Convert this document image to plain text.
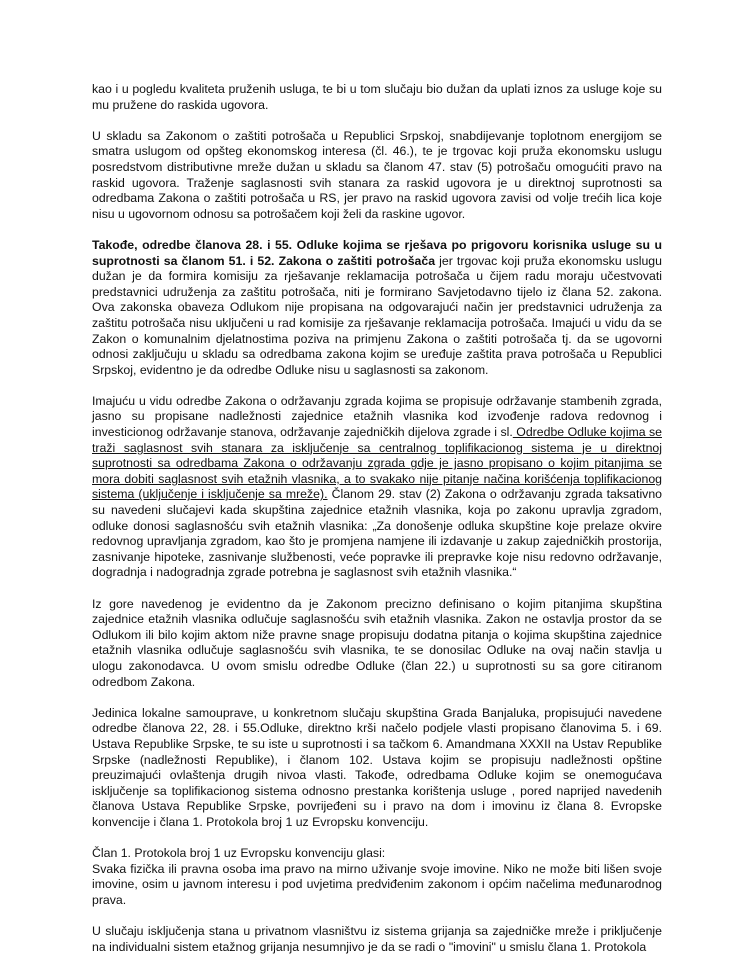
kao i u pogledu kvaliteta pruženih usluga, te bi u tom slučaju bio dužan da uplati iznos za usluge koje su mu pružene do raskida ugovora.

U skladu sa Zakonom o zaštiti potrošača u Republici Srpskoj, snabdijevanje toplotnom energijom se smatra uslugom od opšteg ekonomskog interesa (čl. 46.), te je trgovac koji pruža ekonomsku uslugu posredstvom distributivne mreže dužan u skladu sa članom 47. stav (5) potrošaču omogućiti pravo na raskid ugovora. Traženje saglasnosti svih stanara za raskid ugovora je u direktnoj suprotnosti sa odredbama Zakona o zaštiti potrošača u RS, jer pravo na raskid ugovora zavisi od volje trećih lica koje nisu u ugovornom odnosu sa potrošačem koji želi da raskine ugovor.

Takođe, odredbe članova 28. i 55. Odluke kojima se rješava po prigovoru korisnika usluge su u suprotnosti sa članom 51. i 52. Zakona o zaštiti potrošača jer trgovac koji pruža ekonomsku uslugu dužan je da formira komisiju za rješavanje reklamacija potrošača u čijem radu moraju učestvovati predstavnici udruženja za zaštitu potrošača, niti je formirano Savjetodavno tijelo iz člana 52. zakona. Ova zakonska obaveza Odlukom nije propisana na odgovarajući način jer predstavnici udruženja za zaštitu potrošača nisu uključeni u rad komisije za rješavanje reklamacija potrošača. Imajući u vidu da se Zakon o komunalnim djelatnostima poziva na primjenu Zakona o zaštiti potrošača tj. da se ugovorni odnosi zaključuju u skladu sa odredbama zakona kojim se uređuje zaštita prava potrošača u Republici Srpskoj, evidentno je da odredbe Odluke nisu u saglasnosti sa zakonom.

Imajuću u vidu odredbe Zakona o održavanju zgrada kojima se propisuje održavanje stambenih zgrada, jasno su propisane nadležnosti zajednice etažnih vlasnika kod izvođenje radova redovnog i investicionog održavanje stanova, održavanje zajedničkih dijelova zgrade i sl. Odredbe Odluke kojima se traži saglasnost svih stanara za isključenje sa centralnog toplifikacionog sistema je u direktnoj suprotnosti sa odredbama Zakona o održavanju zgrada gdje je jasno propisano o kojim pitanjima se mora dobiti saglasnost svih etažnih vlasnika, a to svakako nije pitanje načina korišćenja toplifikacionog sistema (uključenje i isključenje sa mreže). Članom 29. stav (2) Zakona o održavanju zgrada taksativno su navedeni slučajevi kada skupština zajednice etažnih vlasnika, koja po zakonu upravlja zgradom, odluke donosi saglasnošću svih etažnih vlasnika: „Za donošenje odluka skupštine koje prelaze okvire redovnog upravljanja zgradom, kao što je promjena namjene ili izdavanje u zakup zajedničkih prostorija, zasnivanje hipoteke, zasnivanje službenosti, veće popravke ili prepravke koje nisu redovno održavanje, dogradnja i nadogradnja zgrade potrebna je saglasnost svih etažnih vlasnika.“

Iz gore navedenog je evidentno da je Zakonom precizno definisano o kojim pitanjima skupština zajednice etažnih vlasnika odlučuje saglasnošću svih etažnih vlasnika. Zakon ne ostavlja prostor da se Odlukom ili bilo kojim aktom niže pravne snage propisuju dodatna pitanja o kojima skupština zajednice etažnih vlasnika odlučuje saglasnošću svih vlasnika, te se donosilac Odluke na ovaj način stavlja u ulogu zakonodavca. U ovom smislu odredbe Odluke (član 22.) u suprotnosti su sa gore citiranom odredbom Zakona.

Jedinica lokalne samouprave, u konkretnom slučaju skupština Grada Banjaluka, propisujući navedene odredbe članova 22, 28. i 55.Odluke, direktno krši načelo podjele vlasti propisano članovima 5. i 69. Ustava Republike Srpske, te su iste u suprotnosti i sa tačkom 6. Amandmana XXXII na Ustav Republike Srpske (nadležnosti Republike), i članom 102. Ustava kojim se propisuju nadležnosti opštine preuzimajući ovlaštenja drugih nivoa vlasti. Takođe, odredbama Odluke kojim se onemogućava isključenje sa toplifikacionog sistema odnosno prestanka korištenja usluge , pored naprijed navedenih članova Ustava Republike Srpske, povrijeđeni su i pravo na dom i imovinu iz člana 8. Evropske konvencije i člana 1. Protokola broj 1 uz Evropsku konvenciju.

Član 1. Protokola broj 1 uz Evropsku konvenciju glasi:

Svaka fizička ili pravna osoba ima pravo na mirno uživanje svoje imovine. Niko ne može biti lišen svoje imovine, osim u javnom interesu i pod uvjetima predviđenim zakonom i općim načelima međunarodnog prava.

U slučaju isključenja stana u privatnom vlasništvu iz sistema grijanja sa zajedničke mreže i priključenje na individualni sistem etažnog grijanja nesumnjivo je da se radi o "imovini" u smislu člana 1. Protokola
